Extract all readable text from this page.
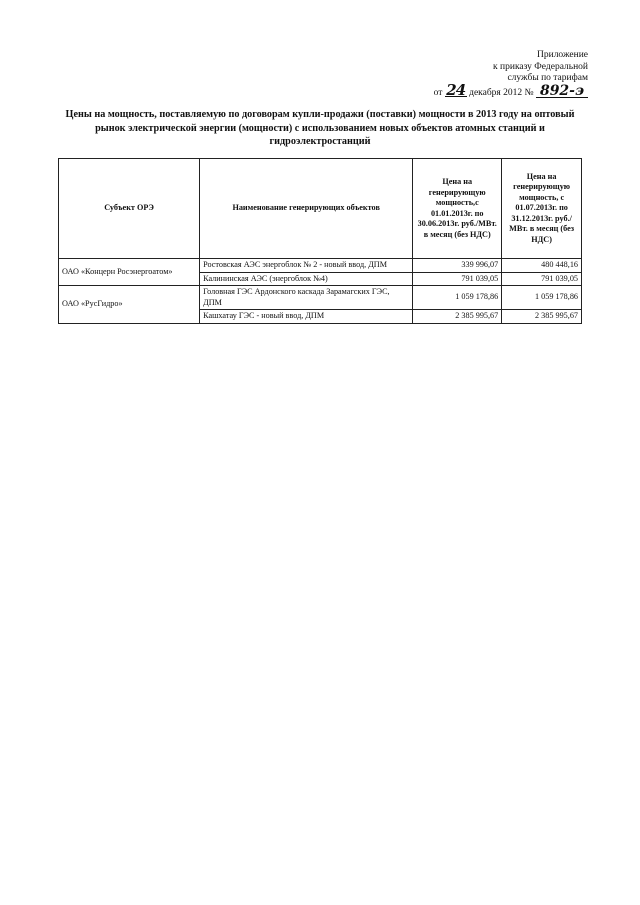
Приложение
к приказу Федеральной
службы по тарифам
от 24 декабря 2012 № 892-э
Цены на мощность, поставляемую по договорам купли-продажи (поставки) мощности в 2013 году на оптовый рынок электрической энергии (мощности) с использованием новых объектов атомных станций и гидроэлектростанций
Субъект ОРЭ	Наименование генерирующих объектов	Цена на генерирующую мощность,с 01.01.2013г. по 30.06.2013г. руб./МВт. в месяц (без НДС)	Цена на генерирующую мощность, с 01.07.2013г. по 31.12.2013г. руб./МВт. в месяц (без НДС)
ОАО «Концерн Росэнергоатом»	Ростовская АЭС энергоблок № 2 - новый ввод, ДПМ	339 996,07	480 448,16
	Калининская АЭС (энергоблок №4)	791 039,05	791 039,05
ОАО «РусГидро»	Головная ГЭС Ардонского каскада Зарамагских ГЭС, ДПМ	1 059 178,86	1 059 178,86
	Кашхатау ГЭС - новый ввод, ДПМ	2 385 995,67	2 385 995,67
